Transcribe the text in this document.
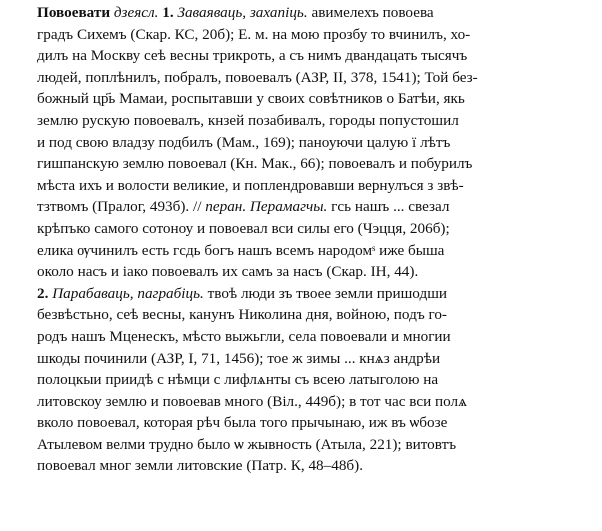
Повоевати дзеясл. 1. Заваяваць, захапіць. авимелехъ повоева
градъ Сихемъ (Скар. КС, 20б); Е. м. на мою прозбу то вчинилъ, хо-
дилъ на Москву сеѣ весны трикроть, а съ нимъ двандацать тысячъ
людей, поплѣнилъ, побралъ, повоевалъ (АЗР, II, 378, 1541); Той без-
божный цр҃ь Мамаи, роспытавши у своих совѣтников о Батѣи, якь
землю рускую повоевалъ, кнзей позабивалъ, городы попустошил
и под свою владзу подбилъ (Мам., 169); паноуючи цалую ї лѣтъ
гишпанскую землю повоевал (Кн. Мак., 66); повоевалъ и побурилъ
мѣста ихъ и волости великие, и поплендровавши вернулъся з звѣ-
тзтвомъ (Пралог, 493б). // перан. Перамагчы. гсь нашъ ... свезал
крѣпъко самого сотоноу и повоевал вси силы его (Чэцця, 206б);
елика ѹчинилъ есть гсдь богъ нашъ всемъ народомˢ иже быша
около насъ и iако повоевалъ их самъ за насъ (Скар. IН, 44).
2. Парабаваць, паграбіць. твоѣ люди зъ твоее земли пришодши
безвѣстьно, сеѣ весны, канунъ Николина дня, войною, подъ го-
родъ нашъ Мценескъ, мѣсто выжьгли, села повоевали и многии
шкоды починили (АЗР, I, 71, 1456); тое ж зимы ... кнѧз андрѣи
полоцкыи приидѣ с нѣмци с лифлѧнты съ всею латыголою на
литовскоу землю и повоевав много (Віл., 449б); в тот час вси полѧ
вколо повоевал, которая рѣч была того прычынаю, иж въ ѡбозе
Атылевом велми трудно было ѡ жывность (Атыла, 221); витовтъ
повоевал мног земли литовские (Патр. К, 48–48б).
